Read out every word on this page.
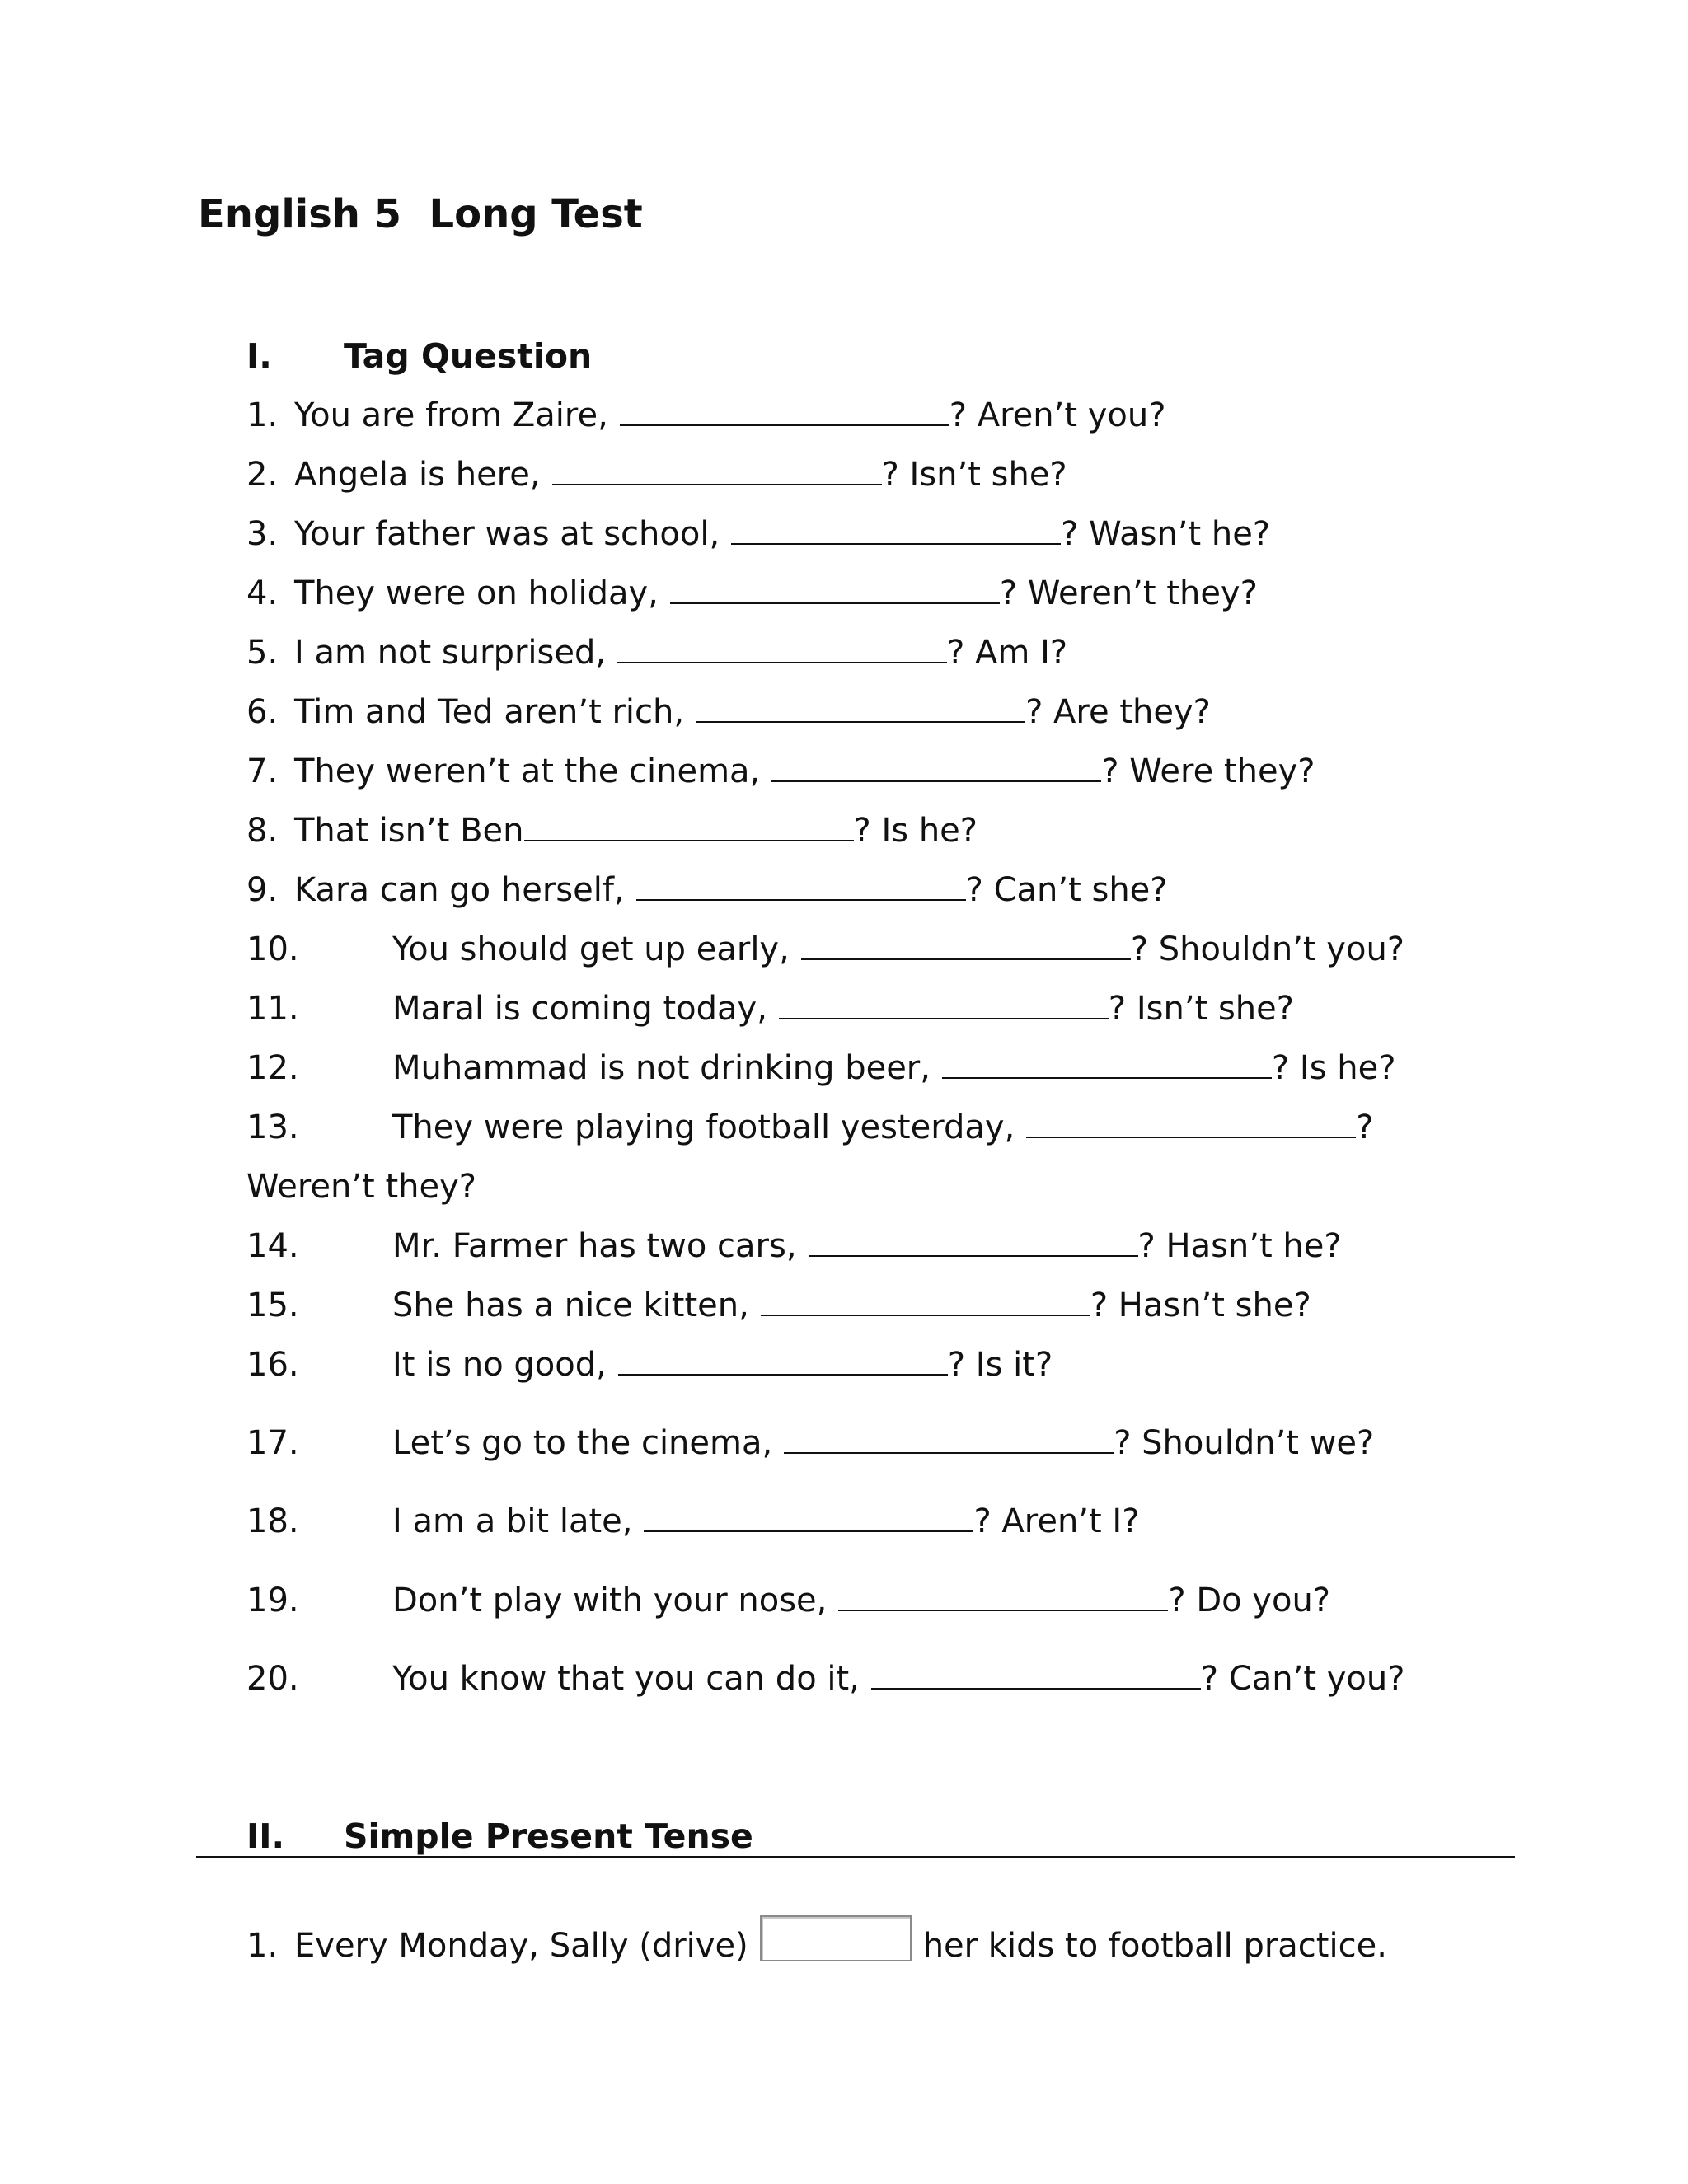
English 5  Long Test
I. Tag Question
1. You are from Zaire,	? Aren’t you?
2. Angela is here,	? Isn’t she?
3. Your father was at school,	? Wasn’t he?
4. They were on holiday,	? Weren’t they?
5. I am not surprised,	? Am I?
6. Tim and Ted aren’t rich,	? Are they?
7. They weren’t at the cinema,	? Were they?
8. That isn’t Ben	? Is he?
9. Kara can go herself,	? Can’t she?
10.	You should get up early,	? Shouldn’t you?
11.	Maral is coming today,	? Isn’t she?
12.	Muhammad is not drinking beer,	? Is he?
13.	They were playing football yesterday,	?
Weren’t they?
14.	Mr. Farmer has two cars,	? Hasn’t he?
15.	She has a nice kitten,	? Hasn’t she?
16.	It is no good,	? Is it?
17.	Let’s go to the cinema,	? Shouldn’t we?
18.	I am a bit late,	? Aren’t I?
19.	Don’t play with your nose,	? Do you?
20.	You know that you can do it,	? Can’t you?
II. Simple Present Tense
1. Every Monday, Sally (drive)	her kids to football practice.
